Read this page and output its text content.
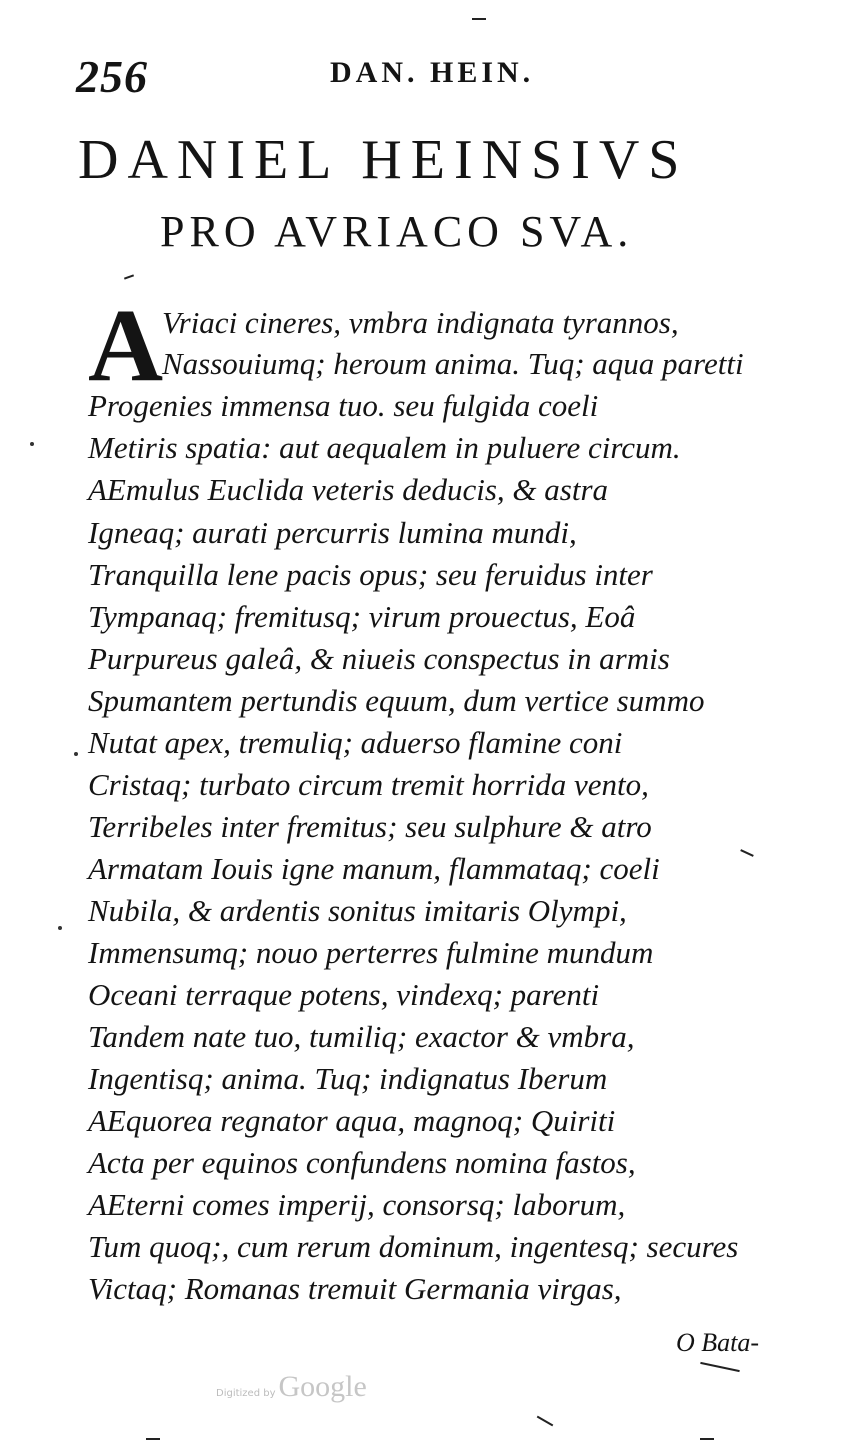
256	DAN. HEIN.
DANIEL HEINSIVS
PRO AVRIACO SVA.
A
Vriaci cineres, vmbra indignata tyrannos,
Nassouiumq; heroum anima. Tuq; aqua paretti
Progenies immensa tuo. seu fulgida coeli
Metiris spatia: aut aequalem in puluere circum.
AEmulus Euclida veteris deducis, & astra
Igneaq; aurati percurris lumina mundi,
Tranquilla lene pacis opus; seu feruidus inter
Tympanaq; fremitusq; virum prouectus, Eoâ
Purpureus galeâ, & niueis conspectus in armis
Spumantem pertundis equum, dum vertice summo
Nutat apex, tremuliq; aduerso flamine coni
Cristaq; turbato circum tremit horrida vento,
Terribeles inter fremitus; seu sulphure & atro
Armatam Iouis igne manum, flammataq; coeli
Nubila, & ardentis sonitus imitaris Olympi,
Immensumq; nouo perterres fulmine mundum
Oceani terraque potens, vindexq; parenti
Tandem nate tuo, tumiliq; exactor & vmbra,
Ingentisq; anima. Tuq; indignatus Iberum
AEquorea regnator aqua, magnoq; Quiriti
Acta per equinos confundens nomina fastos,
AEterni comes imperij, consorsq; laborum,
Tum quoq;, cum rerum dominum, ingentesq; secures
Victaq; Romanas tremuit Germania virgas,
O Bata-
Digitized by Google
